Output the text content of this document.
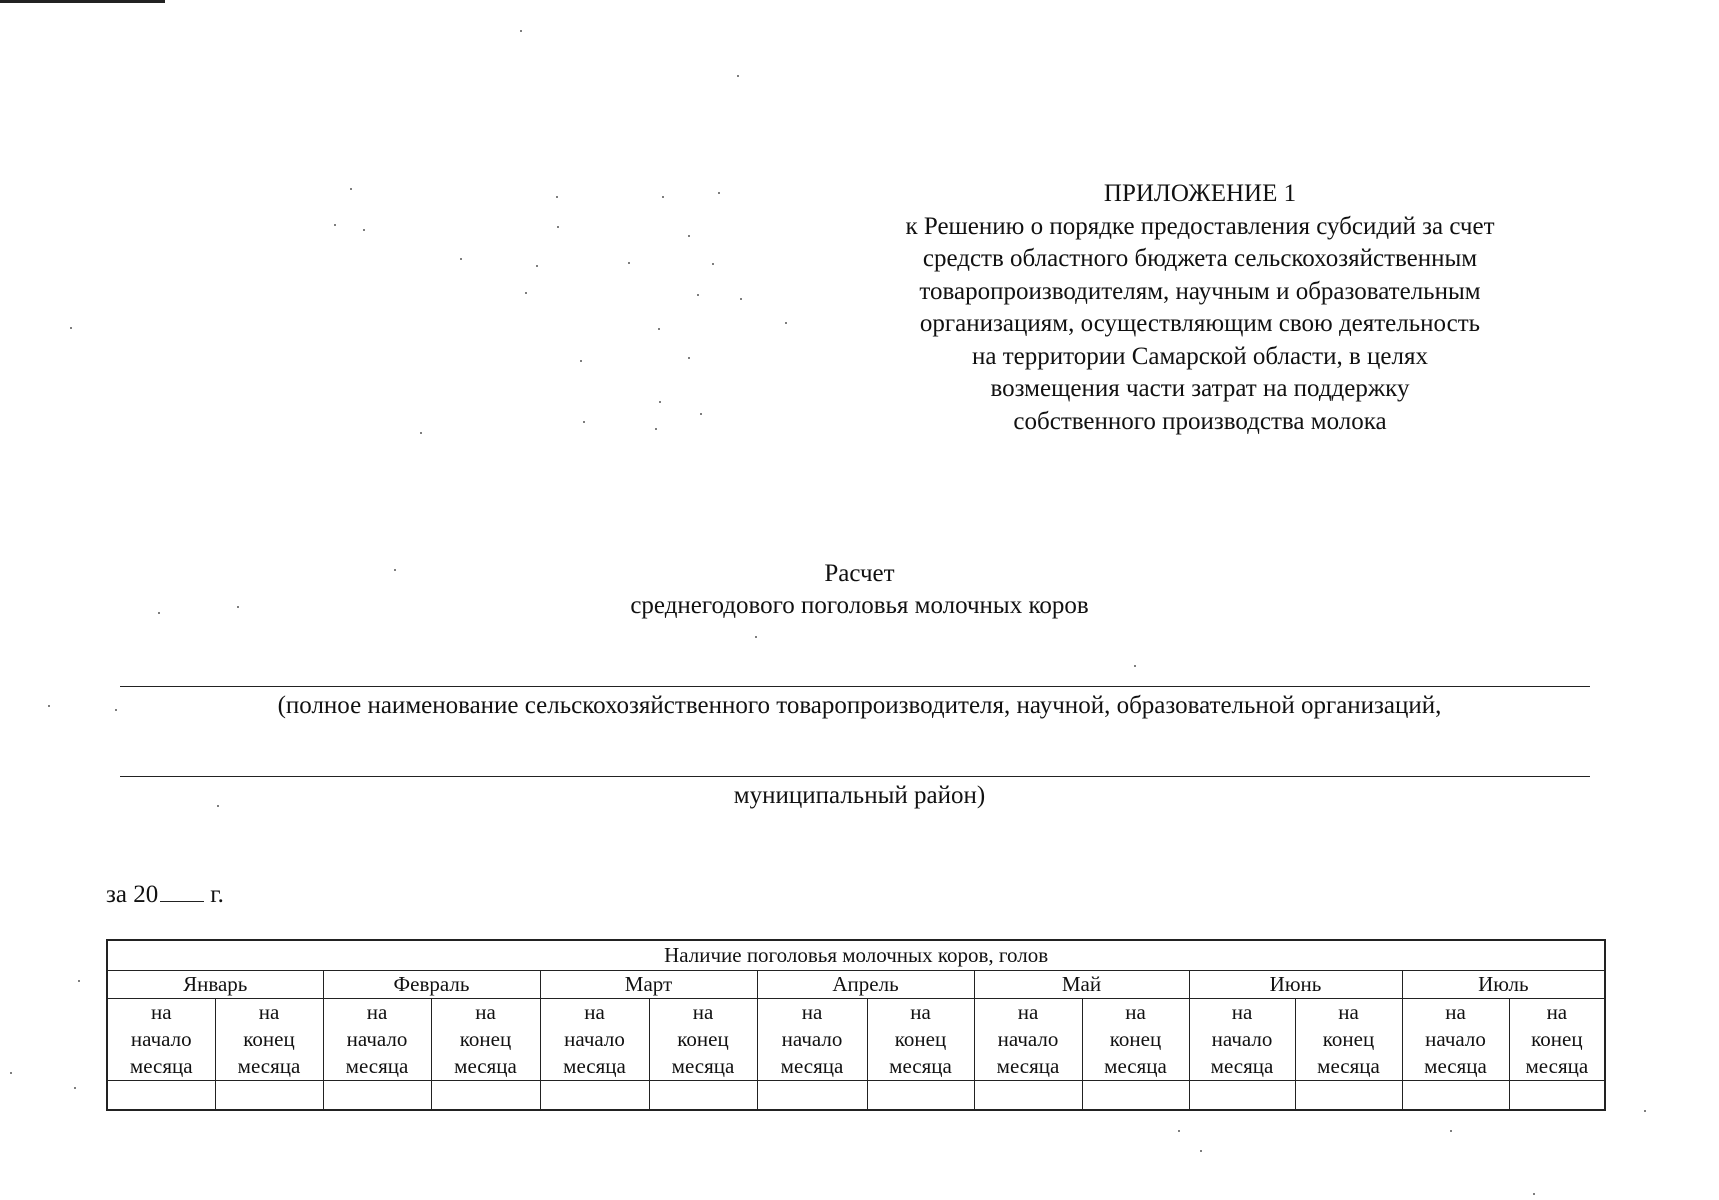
ПРИЛОЖЕНИЕ 1
к Решению о порядке предоставления субсидий за счет
средств областного бюджета сельскохозяйственным
товаропроизводителям, научным и образовательным
организациям, осуществляющим свою деятельность
на территории Самарской области, в целях
возмещения части затрат на поддержку
собственного производства молока
Расчет
среднегодового поголовья молочных коров
(полное наименование сельскохозяйственного товаропроизводителя, научной, образовательной организаций,
муниципальный район)
за 20 г.
Наличие поголовья молочных коров, голов													
Январь		Февраль		Март		Апрель		Май		Июнь		Июль	

на
начало
месяца	на
конец
месяца	на
начало
месяца	на
конец
месяца	на
начало
месяца	на
конец
месяца	на
начало
месяца	на
конец
месяца	на
начало
месяца	на
конец
месяца	на
начало
месяца	на
конец
месяца	на
начало
месяца	на
конец
месяца
